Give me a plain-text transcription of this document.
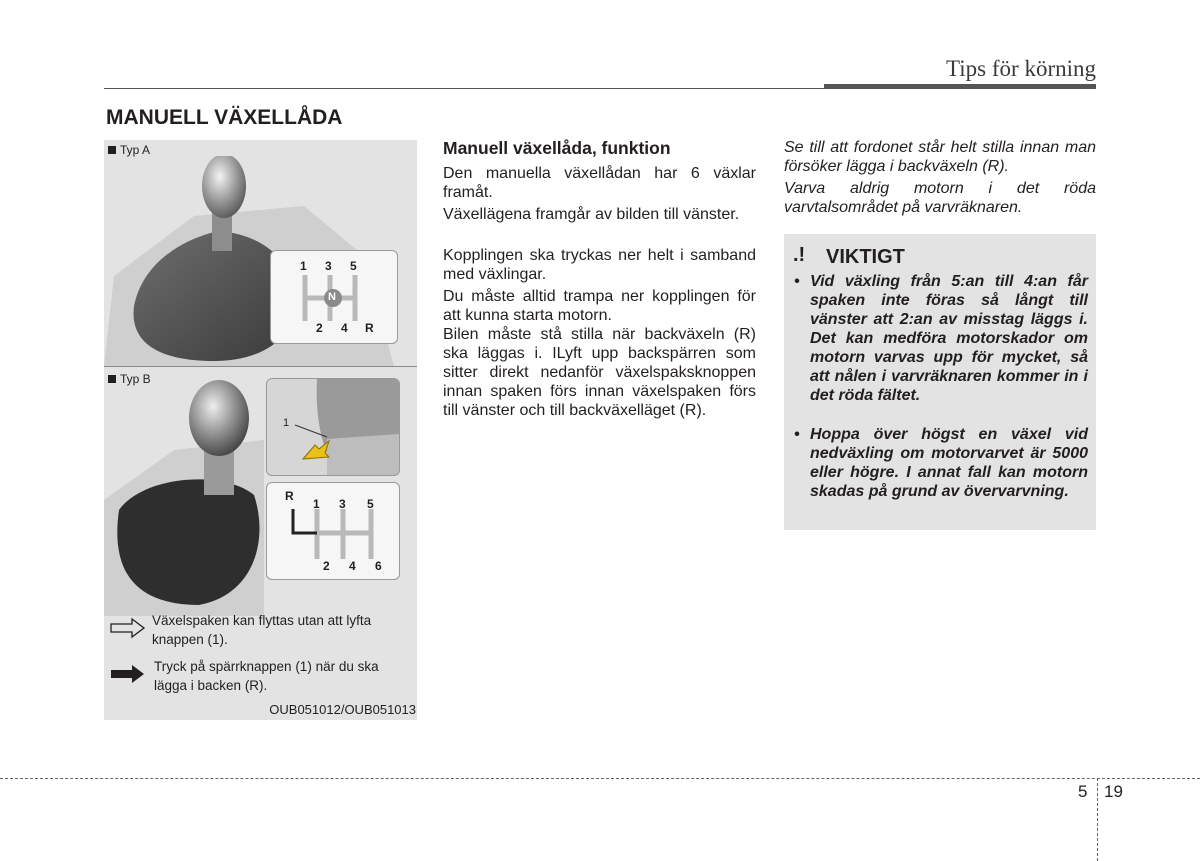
Tips för körning
MANUELL VÄXELLÅDA
Typ A
1 3 5
N
2 4 R
Typ B
1
R
1 3 5
2 4 6
Växelspaken kan flyttas utan att lyfta knappen (1).
Tryck på spärrknappen (1) när du ska lägga i backen (R).
OUB051012/OUB051013
Manuell växellåda, funktion
Den manuella växellådan har 6 växlar framåt.
Växellägena framgår av bilden till vänster.
Kopplingen ska tryckas ner helt i samband med växlingar.
Du måste alltid trampa ner kopplingen för att kunna starta motorn.
Bilen måste stå stilla när backväxeln (R) ska läggas i. ILyft upp backspärren som sitter direkt nedanför växelspaksknoppen innan spaken förs innan växelspaken förs till vänster och till backväxelläget (R).
Se till att fordonet står helt stilla innan man försöker lägga i backväxeln (R).
Varva aldrig motorn i det röda varvtalsområdet på varvräknaren.
.! VIKTIGT
• Vid växling från 5:an till 4:an får spaken inte föras så långt till vänster att 2:an av misstag läggs i. Det kan medföra motorskador om motorn varvas upp för mycket, så att nålen i varvräknaren kommer in i det röda fältet.
• Hoppa över högst en växel vid nedväxling om motorvarvet är 5000 eller högre. I annat fall kan motorn skadas på grund av övervarvning.
5 19
